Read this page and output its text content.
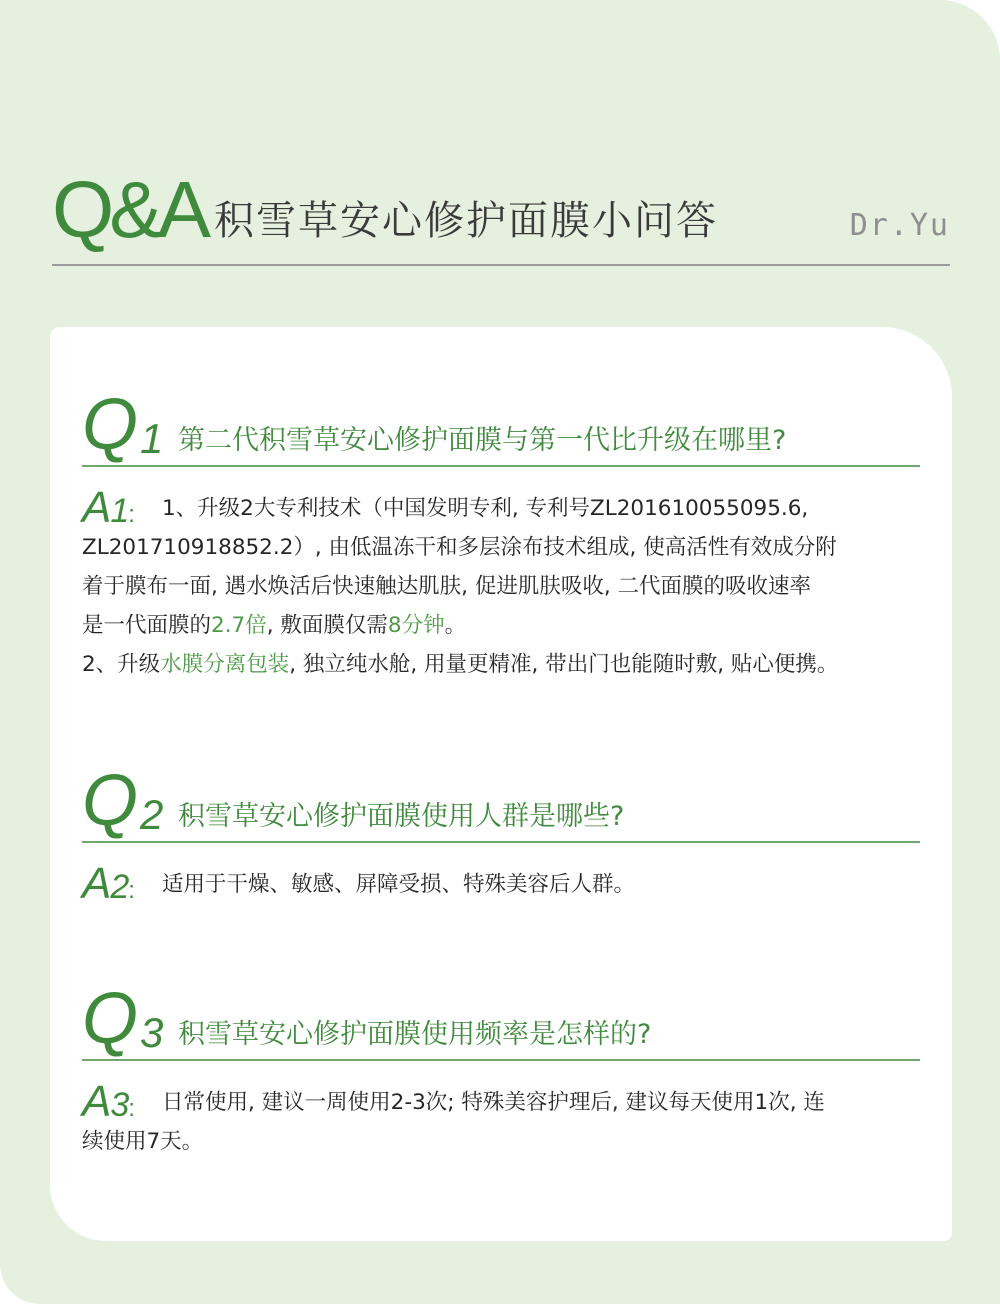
Q&A 积雪草安心修护面膜小问答	Dr.Yu
Q 1 第二代积雪草安心修护面膜与第一代比升级在哪里?
A1:	1、升级2大专利技术（中国发明专利, 专利号ZL201610055095.6,
ZL201710918852.2）, 由低温冻干和多层涂布技术组成, 使高活性有效成分附
着于膜布一面, 遇水焕活后快速触达肌肤, 促进肌肤吸收, 二代面膜的吸收速率
是一代面膜的2.7倍, 敷面膜仅需8分钟。
2、升级水膜分离包装, 独立纯水舱, 用量更精准, 带出门也能随时敷, 贴心便携。
Q 2 积雪草安心修护面膜使用人群是哪些?
A2:	适用于干燥、敏感、屏障受损、特殊美容后人群。
Q 3 积雪草安心修护面膜使用频率是怎样的?
A3:	日常使用, 建议一周使用2-3次; 特殊美容护理后, 建议每天使用1次, 连
续使用7天。
